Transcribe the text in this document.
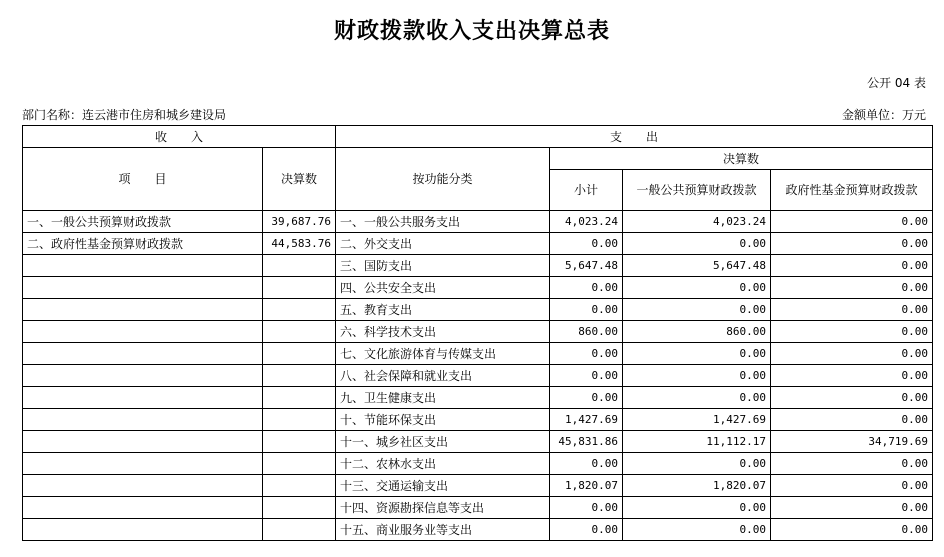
财政拨款收入支出决算总表
公开 04 表
部门名称：连云港市住房和城乡建设局	金额单位：万元
收　　入		支　　出			
项　　目	决算数	按功能分类	决算数		
			小计	一般公共预算财政拨款	政府性基金预算财政拨款

一、一般公共预算财政拨款	39,687.76	一、一般公共服务支出	4,023.24	4,023.24	0.00
二、政府性基金预算财政拨款	44,583.76	二、外交支出	0.00	0.00	0.00
		三、国防支出	5,647.48	5,647.48	0.00
		四、公共安全支出	0.00	0.00	0.00
		五、教育支出	0.00	0.00	0.00
		六、科学技术支出	860.00	860.00	0.00
		七、文化旅游体育与传媒支出	0.00	0.00	0.00
		八、社会保障和就业支出	0.00	0.00	0.00
		九、卫生健康支出	0.00	0.00	0.00
		十、节能环保支出	1,427.69	1,427.69	0.00
		十一、城乡社区支出	45,831.86	11,112.17	34,719.69
		十二、农林水支出	0.00	0.00	0.00
		十三、交通运输支出	1,820.07	1,820.07	0.00
		十四、资源勘探信息等支出	0.00	0.00	0.00
		十五、商业服务业等支出	0.00	0.00	0.00
